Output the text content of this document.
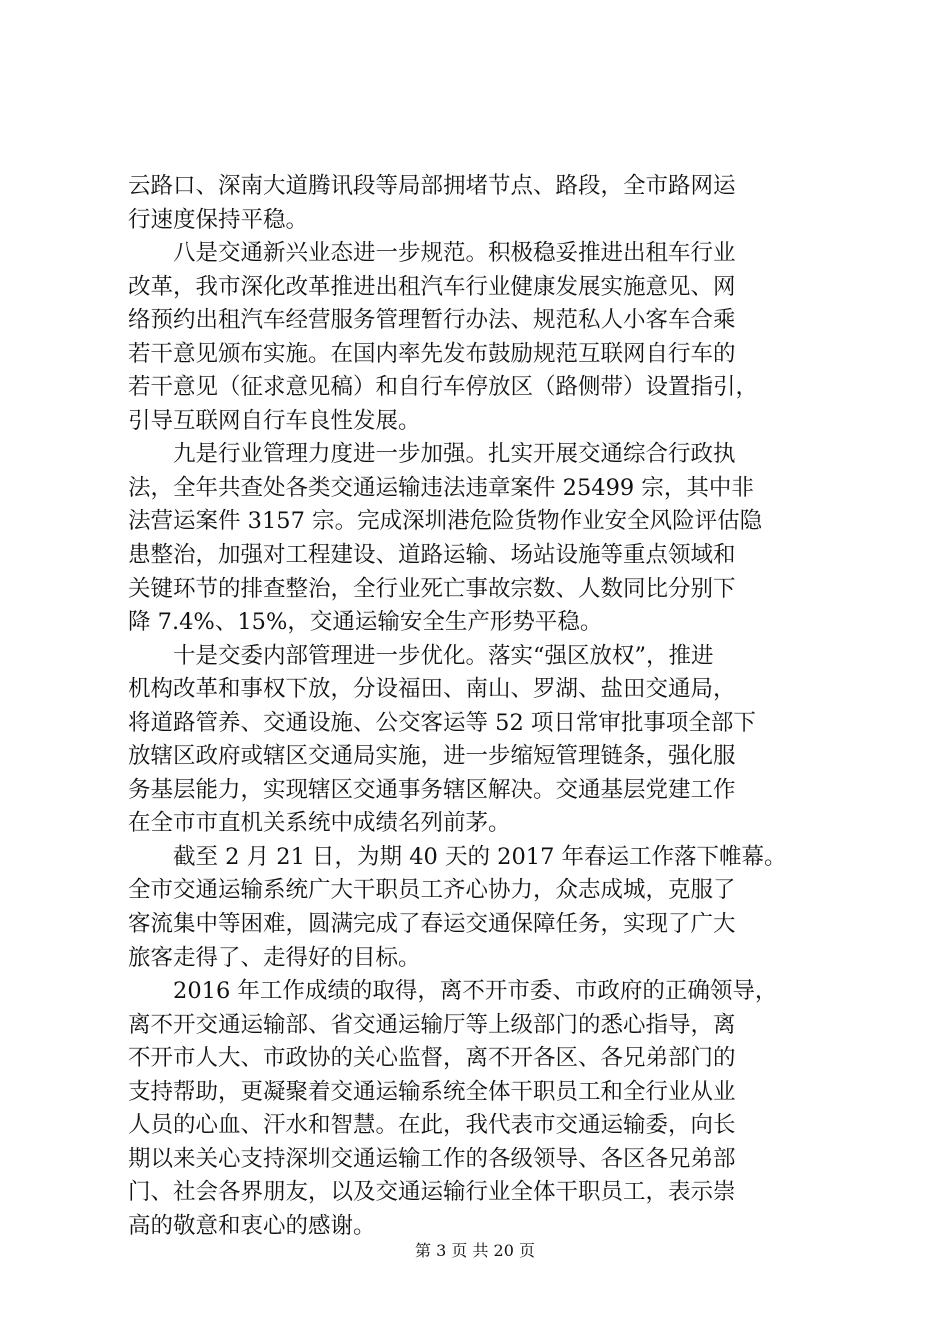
云路口、深南大道腾讯段等局部拥堵节点、路段，全市路网运
行速度保持平稳。
八是交通新兴业态进一步规范。积极稳妥推进出租车行业
改革，我市深化改革推进出租汽车行业健康发展实施意见、网
络预约出租汽车经营服务管理暂行办法、规范私人小客车合乘
若干意见颁布实施。在国内率先发布鼓励规范互联网自行车的
若干意见（征求意见稿）和自行车停放区（路侧带）设置指引，
引导互联网自行车良性发展。
九是行业管理力度进一步加强。扎实开展交通综合行政执
法，全年共查处各类交通运输违法违章案件 25499 宗，其中非
法营运案件 3157 宗。完成深圳港危险货物作业安全风险评估隐
患整治，加强对工程建设、道路运输、场站设施等重点领域和
关键环节的排查整治，全行业死亡事故宗数、人数同比分别下
降 7.4%、15%，交通运输安全生产形势平稳。
十是交委内部管理进一步优化。落实“强区放权”，推进
机构改革和事权下放，分设福田、南山、罗湖、盐田交通局，
将道路管养、交通设施、公交客运等 52 项日常审批事项全部下
放辖区政府或辖区交通局实施，进一步缩短管理链条，强化服
务基层能力，实现辖区交通事务辖区解决。交通基层党建工作
在全市市直机关系统中成绩名列前茅。
截至 2 月 21 日，为期 40 天的 2017 年春运工作落下帷幕。
全市交通运输系统广大干职员工齐心协力，众志成城，克服了
客流集中等困难，圆满完成了春运交通保障任务，实现了广大
旅客走得了、走得好的目标。
2016 年工作成绩的取得，离不开市委、市政府的正确领导，
离不开交通运输部、省交通运输厅等上级部门的悉心指导，离
不开市人大、市政协的关心监督，离不开各区、各兄弟部门的
支持帮助，更凝聚着交通运输系统全体干职员工和全行业从业
人员的心血、汗水和智慧。在此，我代表市交通运输委，向长
期以来关心支持深圳交通运输工作的各级领导、各区各兄弟部
门、社会各界朋友，以及交通运输行业全体干职员工，表示崇
高的敬意和衷心的感谢。
第 3 页 共 20 页
